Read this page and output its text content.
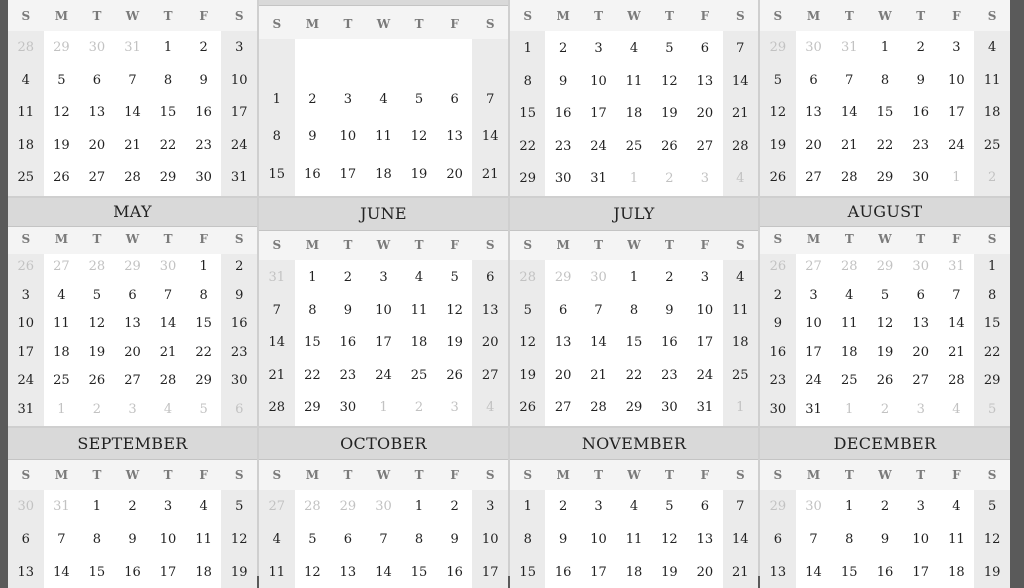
S	M	T	W	T	F	S
28	29	30	31	1	2	3
4	5	6	7	8	9	10
11	12	13	14	15	16	17
18	19	20	21	22	23	24
25	26	27	28	29	30	31
S	M	T	W	T	F	S
1	2	3	4	5	6	7
8	9	10	11	12	13	14
15	16	17	18	19	20	21
S	M	T	W	T	F	S
1	2	3	4	5	6	7
8	9	10	11	12	13	14
15	16	17	18	19	20	21
22	23	24	25	26	27	28
29	30	31	1	2	3	4
S	M	T	W	T	F	S
29	30	31	1	2	3	4
5	6	7	8	9	10	11
12	13	14	15	16	17	18
19	20	21	22	23	24	25
26	27	28	29	30	1	2
MAY
S	M	T	W	T	F	S
26	27	28	29	30	1	2
3	4	5	6	7	8	9
10	11	12	13	14	15	16
17	18	19	20	21	22	23
24	25	26	27	28	29	30
31	1	2	3	4	5	6
JUNE
S	M	T	W	T	F	S
31	1	2	3	4	5	6
7	8	9	10	11	12	13
14	15	16	17	18	19	20
21	22	23	24	25	26	27
28	29	30	1	2	3	4
JULY
S	M	T	W	T	F	S
28	29	30	1	2	3	4
5	6	7	8	9	10	11
12	13	14	15	16	17	18
19	20	21	22	23	24	25
26	27	28	29	30	31	1
AUGUST
S	M	T	W	T	F	S
26	27	28	29	30	31	1
2	3	4	5	6	7	8
9	10	11	12	13	14	15
16	17	18	19	20	21	22
23	24	25	26	27	28	29
30	31	1	2	3	4	5
SEPTEMBER
S	M	T	W	T	F	S
30	31	1	2	3	4	5
6	7	8	9	10	11	12
13	14	15	16	17	18	19
OCTOBER
S	M	T	W	T	F	S
27	28	29	30	1	2	3
4	5	6	7	8	9	10
11	12	13	14	15	16	17
NOVEMBER
S	M	T	W	T	F	S
1	2	3	4	5	6	7
8	9	10	11	12	13	14
15	16	17	18	19	20	21
DECEMBER
S	M	T	W	T	F	S
29	30	1	2	3	4	5
6	7	8	9	10	11	12
13	14	15	16	17	18	19
